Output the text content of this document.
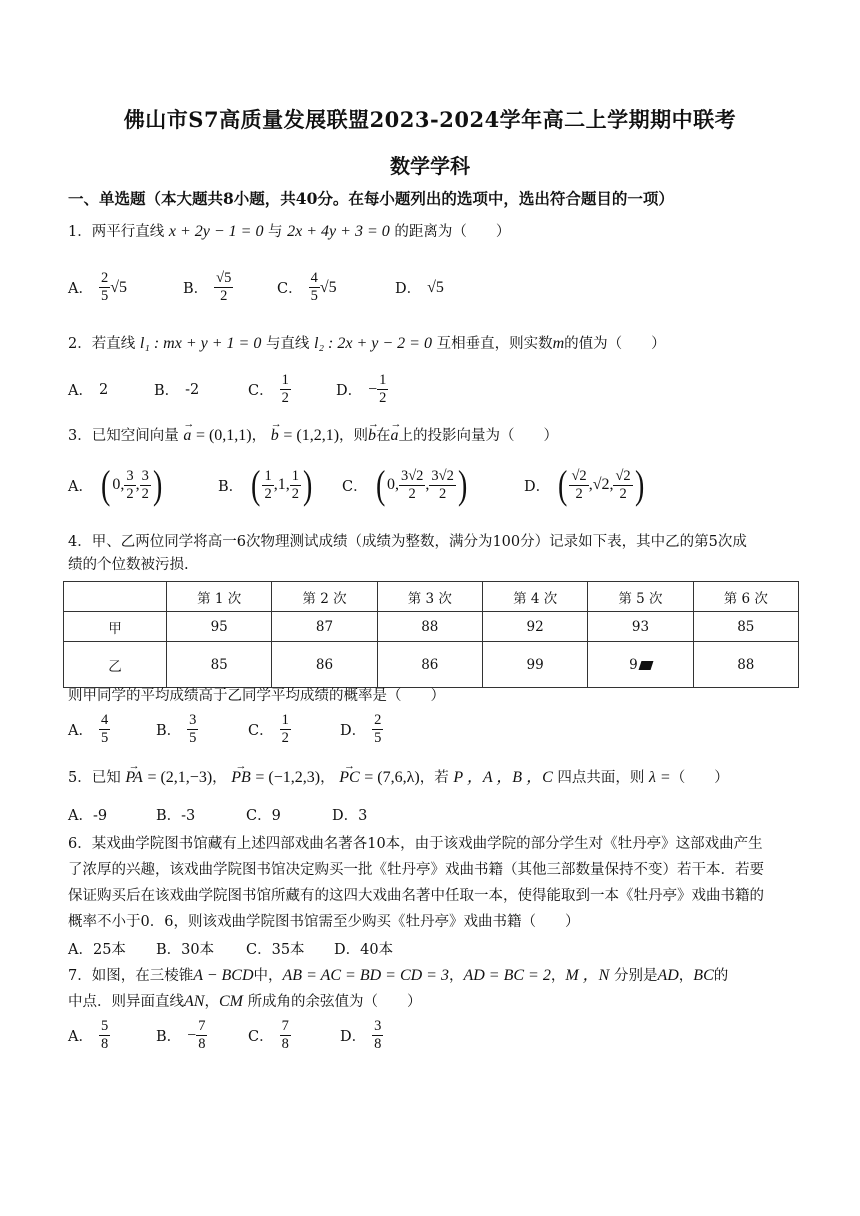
佛山市S7高质量发展联盟2023-2024学年高二上学期期中联考
数学学科
一、单选题（本大题共8小题，共40分。在每小题列出的选项中，选出符合题目的一项）
1．两平行直线 x + 2y − 1 = 0 与 2x + 4y + 3 = 0 的距离为（　　）
A． $\frac{2}{5} √5$	B． $\frac{√5}{2}$	C． $\frac{4}{5} √5$	D． √5
2．若直线 l₁ : mx + y + 1 = 0 与直线 l₂ : 2x + y − 2 = 0 互相垂直，则实数m的值为（　　）
A． 2	B． -2	C． $\frac{1}{2}$	D． − $\frac{1}{2}$
3．已知空间向量 → a = (0,1,1)， → b = (1,2,1)，则→ b在→ a上的投影向量为（　　）
A． ( 0, $\frac{3}{2}$ , $\frac{3}{2}$ )	B． ( $\frac{1}{2} ,1$, $\frac{1}{2}$ ) C． ( 0, $\frac{3√2}{2}$ , $\frac{3√2}{2}$ )	D． ( $\frac{√2}{2} ,√2$, $\frac{√2}{2}$ )
4．甲、乙两位同学将高一6次物理测试成绩（成绩为整数，满分为100分）记录如下表，其中乙的第5次成
绩的个位数被污损.
	第 1 次	第 2 次	第 3 次	第 4 次	第 5 次	第 6 次
甲	95	87	88	92	93	85
乙	85	86	86	99	9	88
则甲同学的平均成绩高于乙同学平均成绩的概率是（　　）
A． $\frac{4}{5}$	B． $\frac{3}{5}$	C． $\frac{1}{2}$	D． $\frac{2}{5}$
5．已知 → PA = (2,1,−3)， → PB = (−1,2,3)， → PC = (7,6,λ)，若 P ，A ，B ，C 四点共面，则 λ =（　　）
A．-9	B．-3	C．9	D．3
6．某戏曲学院图书馆藏有上述四部戏曲名著各10本，由于该戏曲学院的部分学生对《牡丹亭》这部戏曲产生
了浓厚的兴趣，该戏曲学院图书馆决定购买一批《牡丹亭》戏曲书籍（其他三部数量保持不变）若干本．若要
保证购买后在该戏曲学院图书馆所藏有的这四大戏曲名著中任取一本，使得能取到一本《牡丹亭》戏曲书籍的
概率不小于0．6，则该戏曲学院图书馆需至少购买《牡丹亭》戏曲书籍（　　）
A．25本	B．30本	C．35本	D．40本
7．如图，在三棱锥A − BCD中，AB = AC = BD = CD = 3，AD = BC = 2，M ，N 分别是AD，BC的
中点．则异面直线AN，CM 所成角的余弦值为（　　）
A． $\frac{5}{8}$	B． − $\frac{7}{8}$	C． $\frac{7}{8}$	D． $\frac{3}{8}$
